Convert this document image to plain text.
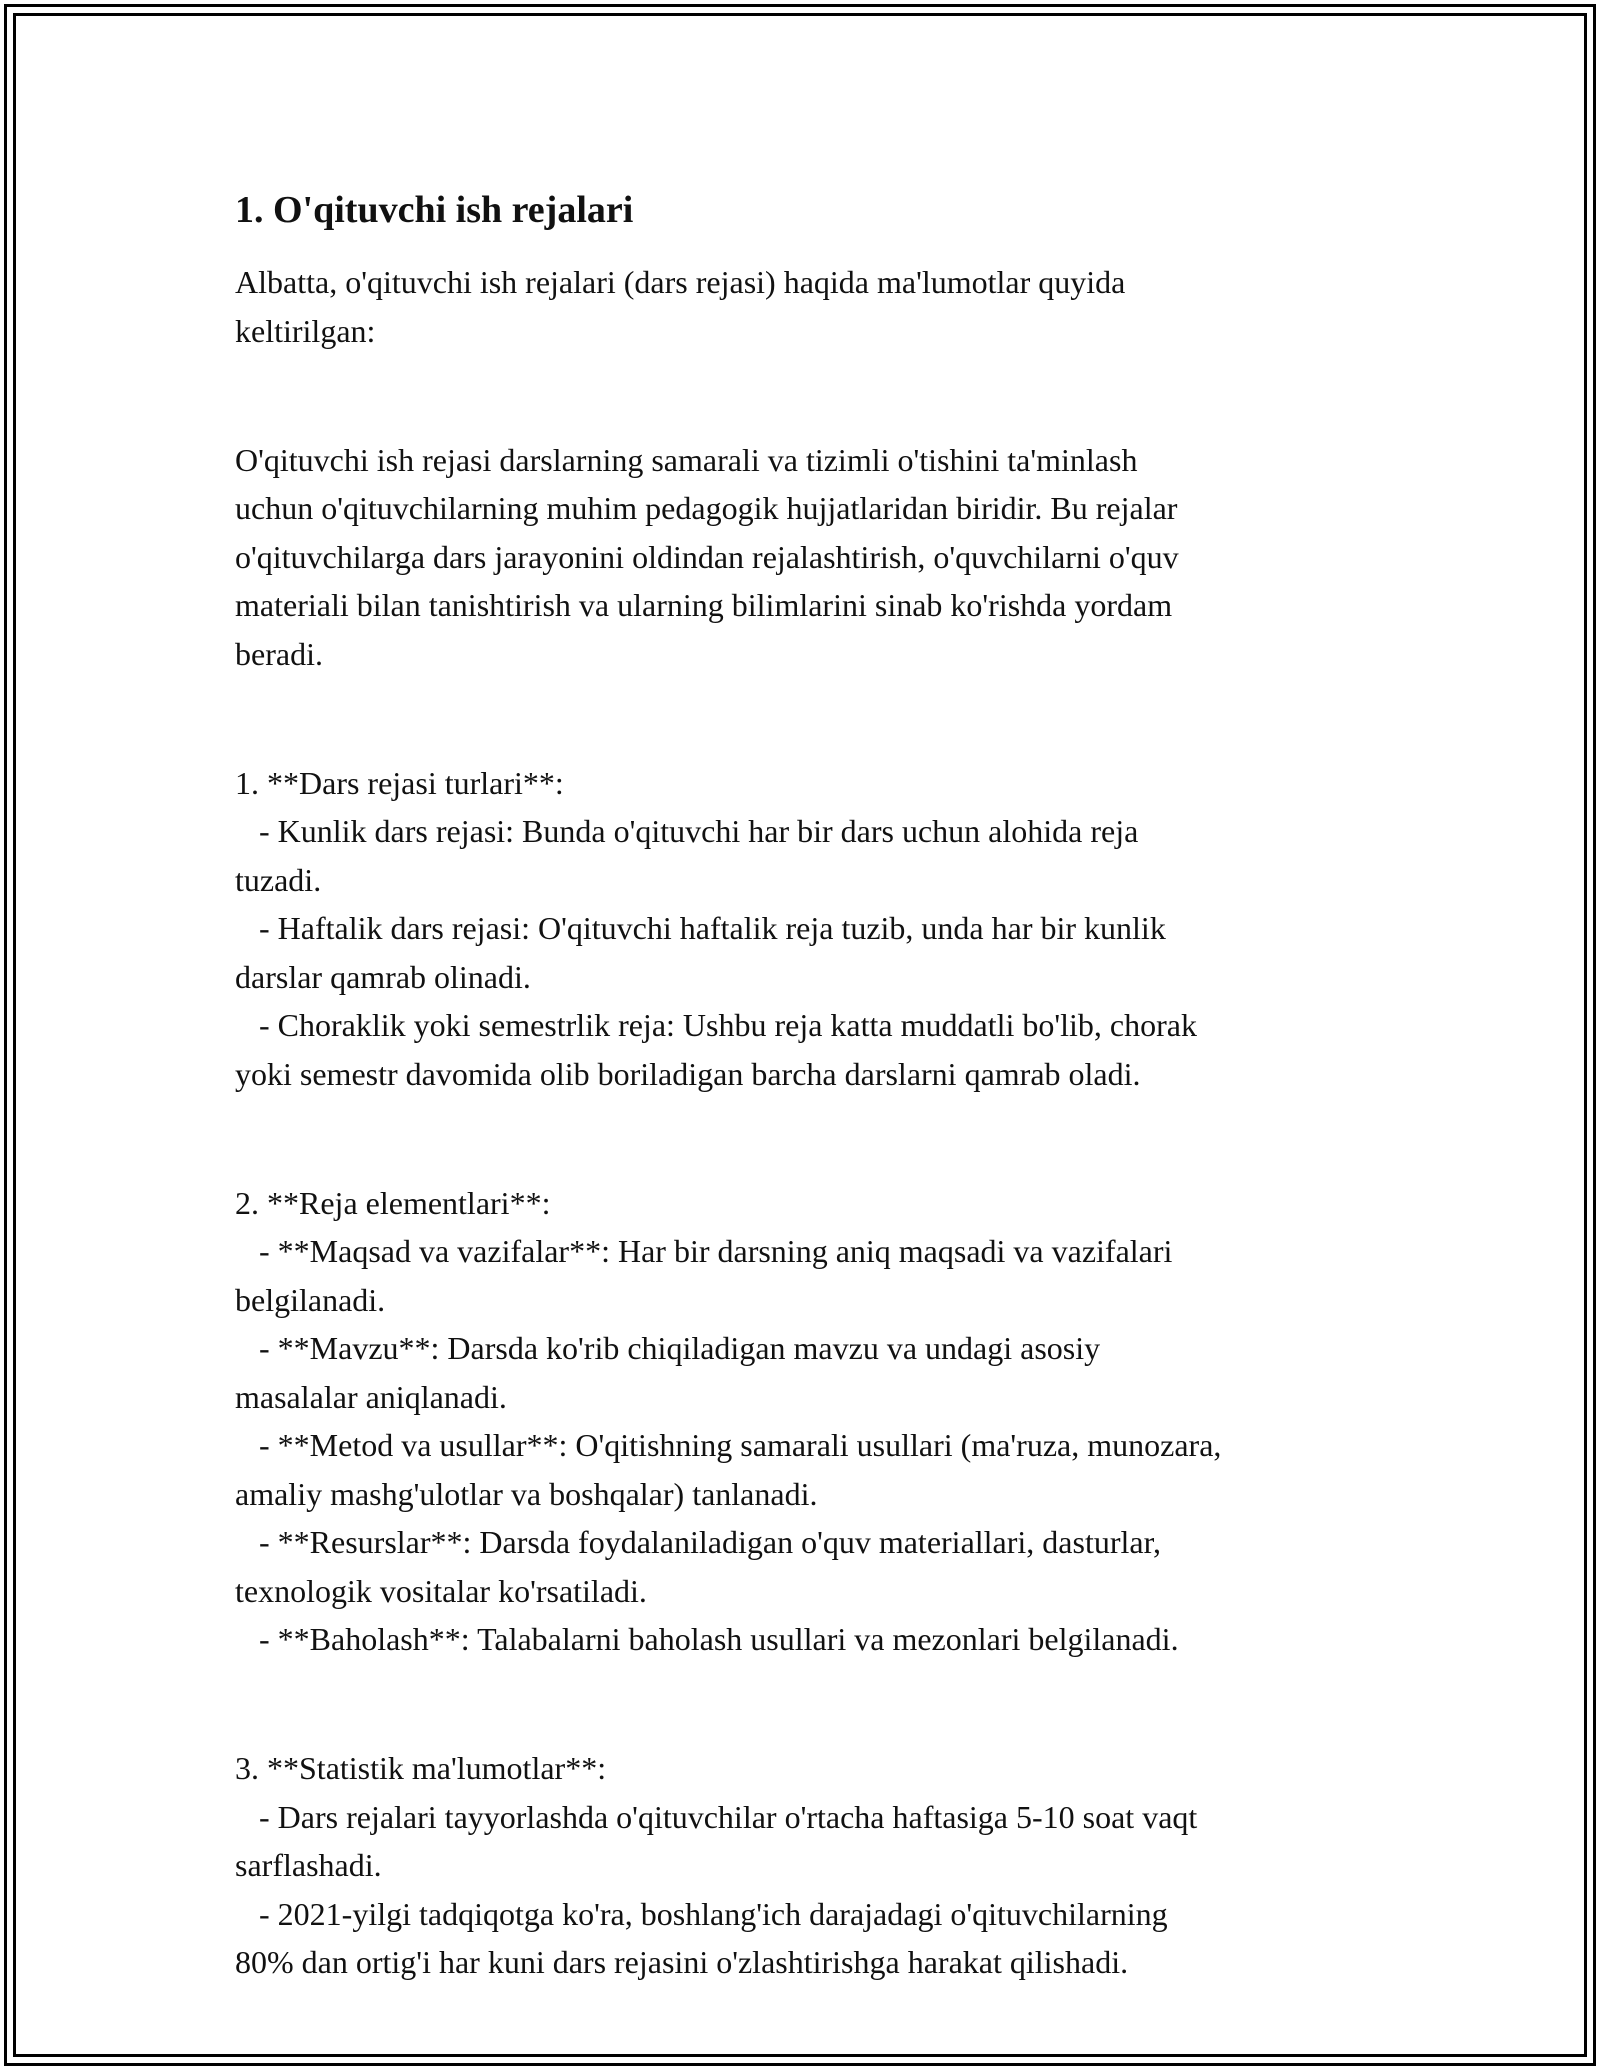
1. O'qituvchi ish rejalari

Albatta, o'qituvchi ish rejalari (dars rejasi) haqida ma'lumotlar quyida

keltirilgan:

O'qituvchi ish rejasi darslarning samarali va tizimli o'tishini ta'minlash

uchun o'qituvchilarning muhim pedagogik hujjatlaridan biridir. Bu rejalar

o'qituvchilarga dars jarayonini oldindan rejalashtirish, o'quvchilarni o'quv

materiali bilan tanishtirish va ularning bilimlarini sinab ko'rishda yordam

beradi.

1. **Dars rejasi turlari**:

- Kunlik dars rejasi: Bunda o'qituvchi har bir dars uchun alohida reja

tuzadi.

- Haftalik dars rejasi: O'qituvchi haftalik reja tuzib, unda har bir kunlik

darslar qamrab olinadi.

- Choraklik yoki semestrlik reja: Ushbu reja katta muddatli bo'lib, chorak

yoki semestr davomida olib boriladigan barcha darslarni qamrab oladi.

2. **Reja elementlari**:

- **Maqsad va vazifalar**: Har bir darsning aniq maqsadi va vazifalari

belgilanadi.

- **Mavzu**: Darsda ko'rib chiqiladigan mavzu va undagi asosiy

masalalar aniqlanadi.

- **Metod va usullar**: O'qitishning samarali usullari (ma'ruza, munozara,

amaliy mashg'ulotlar va boshqalar) tanlanadi.

- **Resurslar**: Darsda foydalaniladigan o'quv materiallari, dasturlar,

texnologik vositalar ko'rsatiladi.

- **Baholash**: Talabalarni baholash usullari va mezonlari belgilanadi.

3. **Statistik ma'lumotlar**:

- Dars rejalari tayyorlashda o'qituvchilar o'rtacha haftasiga 5-10 soat vaqt

sarflashadi.

- 2021-yilgi tadqiqotga ko'ra, boshlang'ich darajadagi o'qituvchilarning

80% dan ortig'i har kuni dars rejasini o'zlashtirishga harakat qilishadi.
